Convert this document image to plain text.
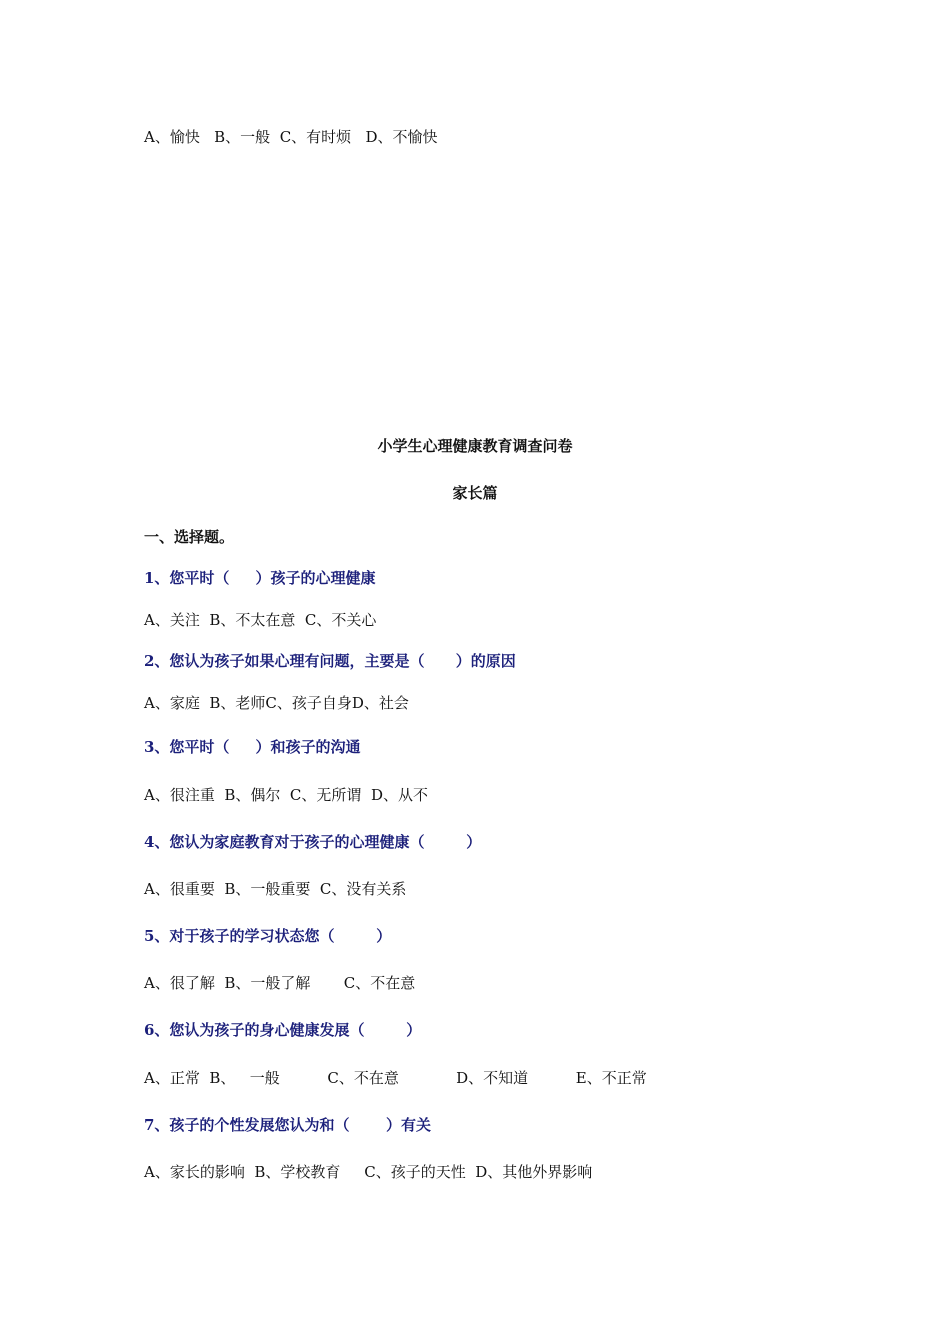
A、愉快   B、一般  C、有时烦   D、不愉快
小学生心理健康教育调查问卷
家长篇
一、选择题。
1、您平时（     ）孩子的心理健康
A、关注  B、不太在意  C、不关心
2、您认为孩子如果心理有问题，主要是（      ）的原因
A、家庭  B、老师C、孩子自身D、社会
3、您平时（     ）和孩子的沟通
A、很注重  B、偶尔  C、无所谓  D、从不
4、您认为家庭教育对于孩子的心理健康（        ）
A、很重要  B、一般重要  C、没有关系
5、对于孩子的学习状态您（        ）
A、很了解  B、一般了解       C、不在意
6、您认为孩子的身心健康发展（        ）
A、正常  B、   一般          C、不在意            D、不知道          E、不正常
7、孩子的个性发展您认为和（       ）有关
A、家长的影响  B、学校教育     C、孩子的天性  D、其他外界影响
